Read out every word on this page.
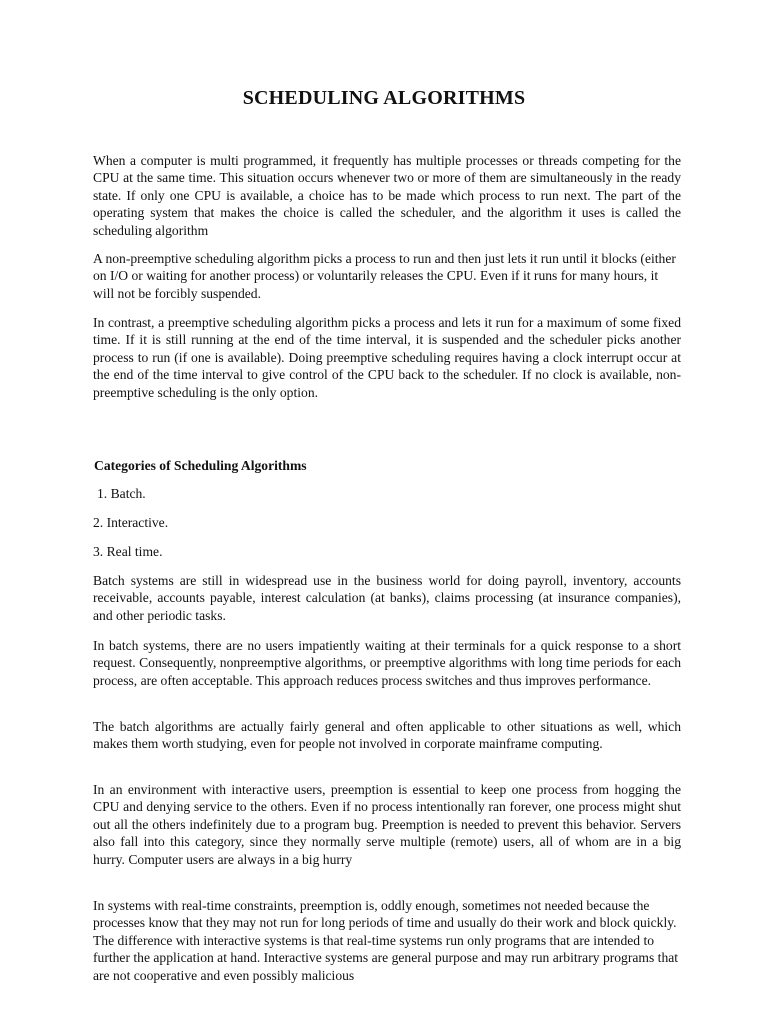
SCHEDULING ALGORITHMS

When a computer is multi programmed, it frequently has multiple processes or threads competing for the CPU at the same time. This situation occurs whenever two or more of them are simultaneously in the ready state. If only one CPU is available, a choice has to be made which process to run next. The part of the operating system that makes the choice is called the scheduler, and the algorithm it uses is called the scheduling algorithm

A non-preemptive scheduling algorithm picks a process to run and then just lets it run until it blocks (either on I/O or waiting for another process) or voluntarily releases the CPU. Even if it runs for many hours, it will not be forcibly suspended.

In contrast, a preemptive scheduling algorithm picks a process and lets it run for a maximum of some fixed time. If it is still running at the end of the time interval, it is suspended and the scheduler picks another process to run (if one is available). Doing preemptive scheduling requires having a clock interrupt occur at the end of the time interval to give control of the CPU back to the scheduler. If no clock is available, non-preemptive scheduling is the only option.

Categories of Scheduling Algorithms

1. Batch.

2. Interactive.

3. Real time.

Batch systems are still in widespread use in the business world for doing payroll, inventory, accounts receivable, accounts payable, interest calculation (at banks), claims processing (at insurance companies), and other periodic tasks.

In batch systems, there are no users impatiently waiting at their terminals for a quick response to a short request. Consequently, nonpreemptive algorithms, or preemptive algorithms with long time periods for each process, are often acceptable. This approach reduces process switches and thus improves performance.

The batch algorithms are actually fairly general and often applicable to other situations as well, which makes them worth studying, even for people not involved in corporate mainframe computing.

In an environment with interactive users, preemption is essential to keep one process from hogging the CPU and denying service to the others. Even if no process intentionally ran forever, one process might shut out all the others indefinitely due to a program bug. Preemption is needed to prevent this behavior. Servers also fall into this category, since they normally serve multiple (remote) users, all of whom are in a big hurry. Computer users are always in a big hurry

In systems with real-time constraints, preemption is, oddly enough, sometimes not needed because the processes know that they may not run for long periods of time and usually do their work and block quickly. The difference with interactive systems is that real-time systems run only programs that are intended to further the application at hand. Interactive systems are general purpose and may run arbitrary programs that are not cooperative and even possibly malicious
